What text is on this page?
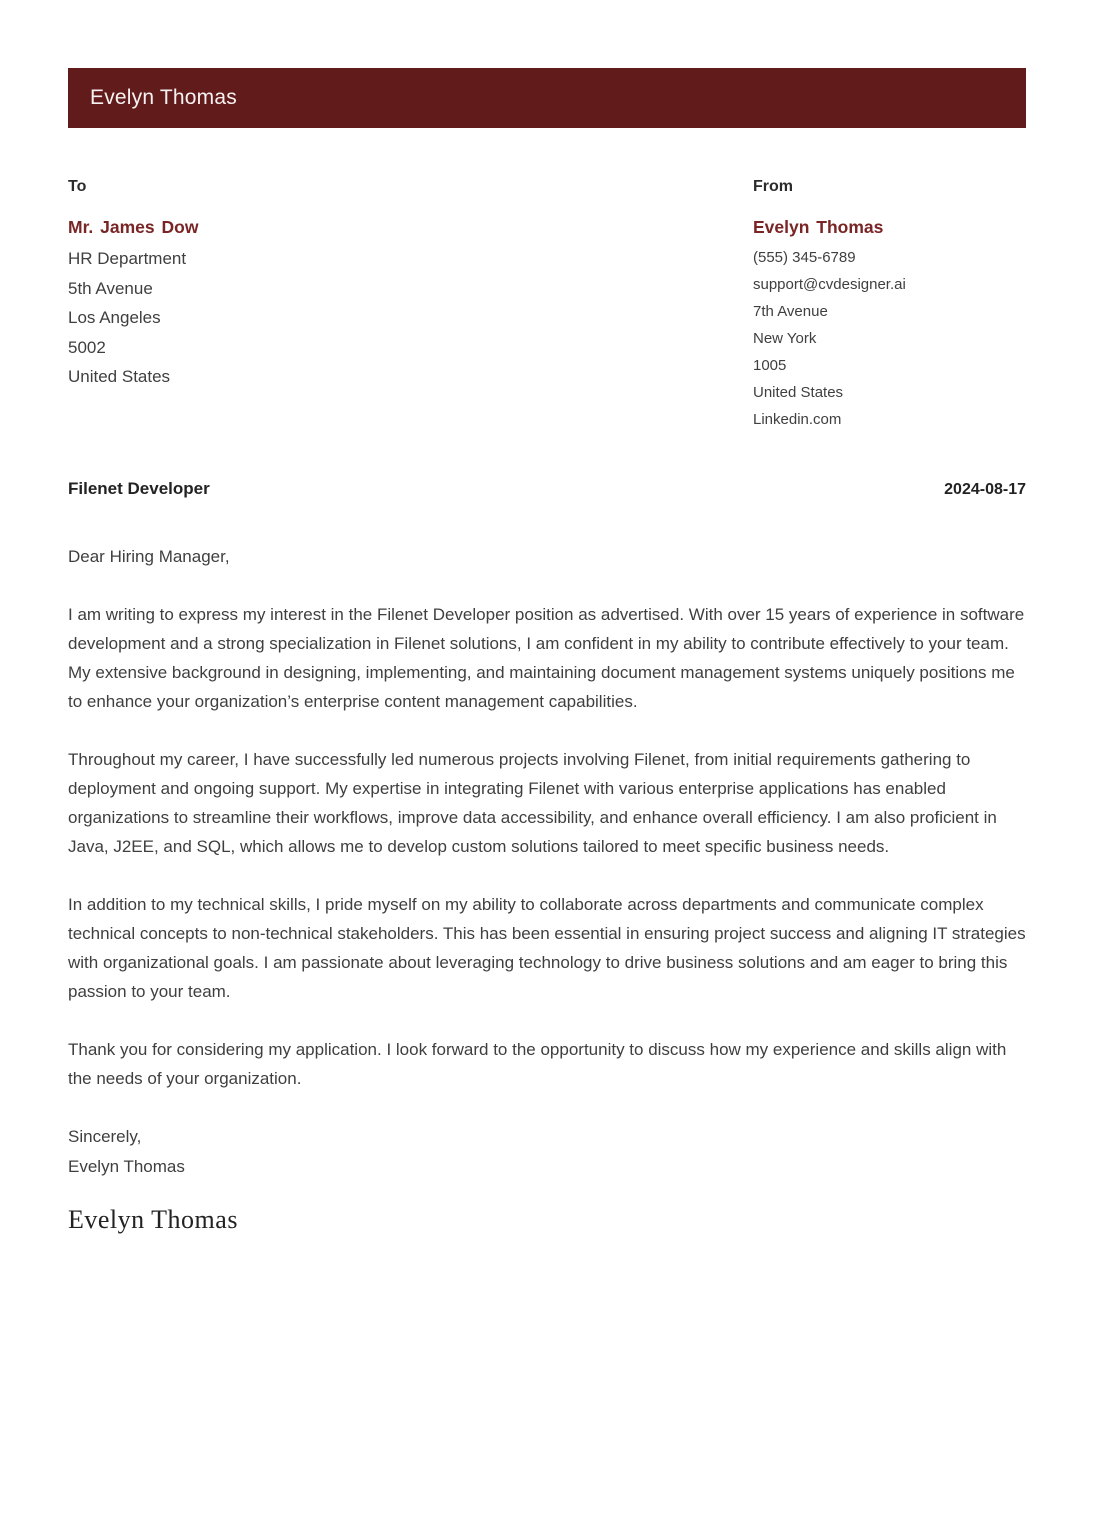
Evelyn Thomas
To
Mr. James Dow
HR Department
5th Avenue
Los Angeles
5002
United States
From
Evelyn Thomas
(555) 345-6789
support@cvdesigner.ai
7th Avenue
New York
1005
United States
Linkedin.com
Filenet Developer	2024-08-17
Dear Hiring Manager,

I am writing to express my interest in the Filenet Developer position as advertised. With over 15 years of experience in software development and a strong specialization in Filenet solutions, I am confident in my ability to contribute effectively to your team. My extensive background in designing, implementing, and maintaining document management systems uniquely positions me to enhance your organization’s enterprise content management capabilities.

Throughout my career, I have successfully led numerous projects involving Filenet, from initial requirements gathering to deployment and ongoing support. My expertise in integrating Filenet with various enterprise applications has enabled organizations to streamline their workflows, improve data accessibility, and enhance overall efficiency. I am also proficient in Java, J2EE, and SQL, which allows me to develop custom solutions tailored to meet specific business needs.

In addition to my technical skills, I pride myself on my ability to collaborate across departments and communicate complex technical concepts to non-technical stakeholders. This has been essential in ensuring project success and aligning IT strategies with organizational goals. I am passionate about leveraging technology to drive business solutions and am eager to bring this passion to your team.

Thank you for considering my application. I look forward to the opportunity to discuss how my experience and skills align with the needs of your organization.

Sincerely,
Evelyn Thomas
Evelyn Thomas
